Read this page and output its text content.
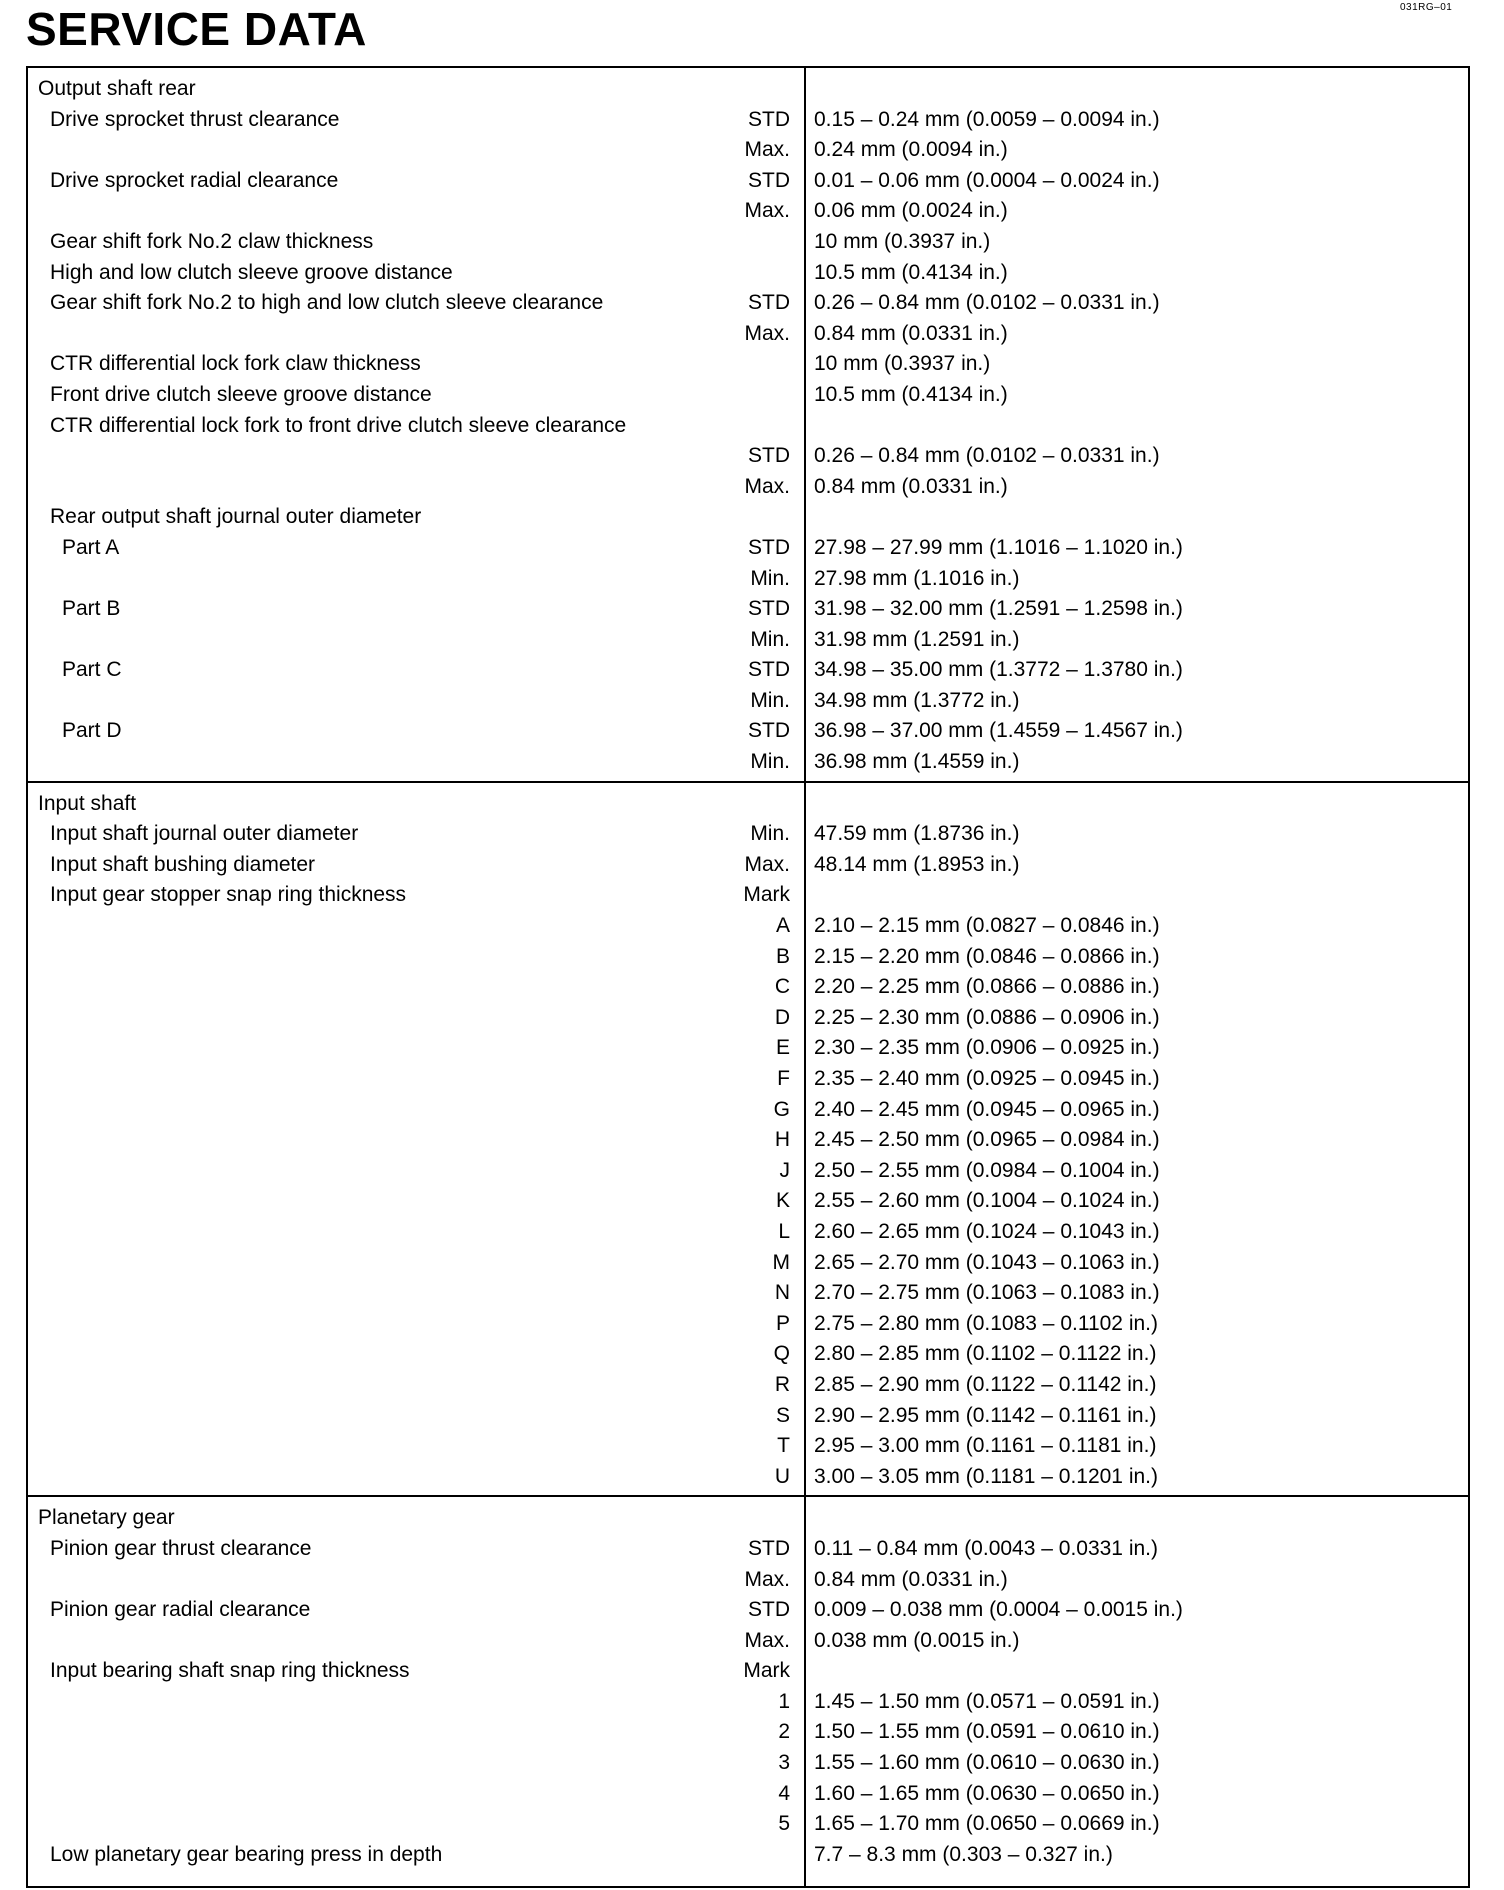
031RG–01
SERVICE DATA
Output shaft rear
Drive sprocket thrust clearance	STD 0.15 – 0.24 mm (0.0059 – 0.0094 in.)
Max. 0.24 mm (0.0094 in.)
Drive sprocket radial clearance	STD 0.01 – 0.06 mm (0.0004 – 0.0024 in.)
Max. 0.06 mm (0.0024 in.)
Gear shift fork No.2 claw thickness	10 mm (0.3937 in.)
High and low clutch sleeve groove distance	10.5 mm (0.4134 in.)
Gear shift fork No.2 to high and low clutch sleeve clearance	STD 0.26 – 0.84 mm (0.0102 – 0.0331 in.)
Max. 0.84 mm (0.0331 in.)
CTR differential lock fork claw thickness	10 mm (0.3937 in.)
Front drive clutch sleeve groove distance	10.5 mm (0.4134 in.)
CTR differential lock fork to front drive clutch sleeve clearance
STD 0.26 – 0.84 mm (0.0102 – 0.0331 in.)
Max. 0.84 mm (0.0331 in.)
Rear output shaft journal outer diameter
Part A	STD 27.98 – 27.99 mm (1.1016 – 1.1020 in.)
Min. 27.98 mm (1.1016 in.)
Part B	STD 31.98 – 32.00 mm (1.2591 – 1.2598 in.)
Min. 31.98 mm (1.2591 in.)
Part C	STD 34.98 – 35.00 mm (1.3772 – 1.3780 in.)
Min. 34.98 mm (1.3772 in.)
Part D	STD 36.98 – 37.00 mm (1.4559 – 1.4567 in.)
Min. 36.98 mm (1.4559 in.)
Input shaft
Input shaft journal outer diameter	Min. 47.59 mm (1.8736 in.)
Input shaft bushing diameter	Max. 48.14 mm (1.8953 in.)
Input gear stopper snap ring thickness	Mark
A 2.10 – 2.15 mm (0.0827 – 0.0846 in.)
B 2.15 – 2.20 mm (0.0846 – 0.0866 in.)
C 2.20 – 2.25 mm (0.0866 – 0.0886 in.)
D 2.25 – 2.30 mm (0.0886 – 0.0906 in.)
E 2.30 – 2.35 mm (0.0906 – 0.0925 in.)
F 2.35 – 2.40 mm (0.0925 – 0.0945 in.)
G 2.40 – 2.45 mm (0.0945 – 0.0965 in.)
H 2.45 – 2.50 mm (0.0965 – 0.0984 in.)
J 2.50 – 2.55 mm (0.0984 – 0.1004 in.)
K 2.55 – 2.60 mm (0.1004 – 0.1024 in.)
L 2.60 – 2.65 mm (0.1024 – 0.1043 in.)
M 2.65 – 2.70 mm (0.1043 – 0.1063 in.)
N 2.70 – 2.75 mm (0.1063 – 0.1083 in.)
P 2.75 – 2.80 mm (0.1083 – 0.1102 in.)
Q 2.80 – 2.85 mm (0.1102 – 0.1122 in.)
R 2.85 – 2.90 mm (0.1122 – 0.1142 in.)
S 2.90 – 2.95 mm (0.1142 – 0.1161 in.)
T 2.95 – 3.00 mm (0.1161 – 0.1181 in.)
U 3.00 – 3.05 mm (0.1181 – 0.1201 in.)
Planetary gear
Pinion gear thrust clearance	STD 0.11 – 0.84 mm (0.0043 – 0.0331 in.)
Max. 0.84 mm (0.0331 in.)
Pinion gear radial clearance	STD 0.009 – 0.038 mm (0.0004 – 0.0015 in.)
Max. 0.038 mm (0.0015 in.)
Input bearing shaft snap ring thickness	Mark
1 1.45 – 1.50 mm (0.0571 – 0.0591 in.)
2 1.50 – 1.55 mm (0.0591 – 0.0610 in.)
3 1.55 – 1.60 mm (0.0610 – 0.0630 in.)
4 1.60 – 1.65 mm (0.0630 – 0.0650 in.)
5 1.65 – 1.70 mm (0.0650 – 0.0669 in.)
Low planetary gear bearing press in depth	7.7 – 8.3 mm (0.303 – 0.327 in.)
